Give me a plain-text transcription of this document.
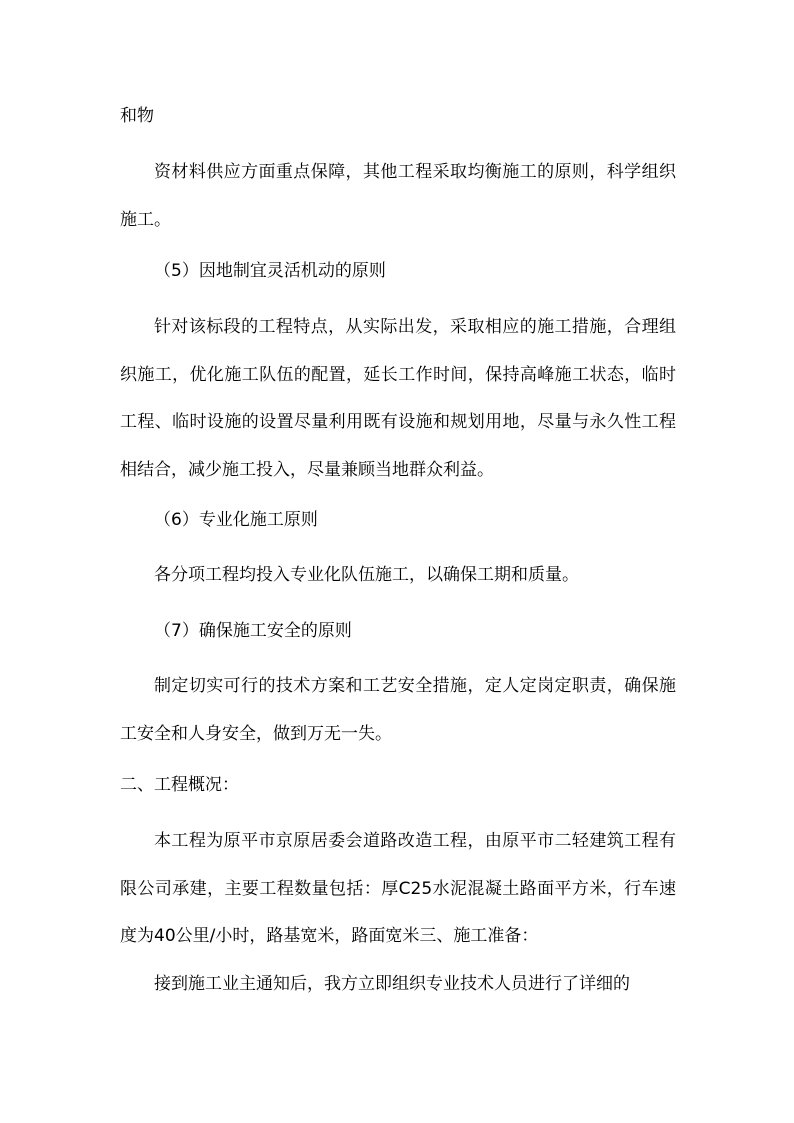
和物

资材料供应方面重点保障，其他工程采取均衡施工的原则，科学组织施工。

（5）因地制宜灵活机动的原则

针对该标段的工程特点，从实际出发，采取相应的施工措施，合理组织施工，优化施工队伍的配置，延长工作时间，保持高峰施工状态，临时工程、临时设施的设置尽量利用既有设施和规划用地，尽量与永久性工程相结合，减少施工投入，尽量兼顾当地群众利益。

（6）专业化施工原则

各分项工程均投入专业化队伍施工，以确保工期和质量。

（7）确保施工安全的原则

制定切实可行的技术方案和工艺安全措施，定人定岗定职责，确保施工安全和人身安全，做到万无一失。

二、工程概况：

本工程为原平市京原居委会道路改造工程，由原平市二轻建筑工程有限公司承建，主要工程数量包括：厚C25水泥混凝土路面平方米，行车速度为40公里/小时，路基宽米，路面宽米三、施工准备：

接到施工业主通知后，我方立即组织专业技术人员进行了详细的
